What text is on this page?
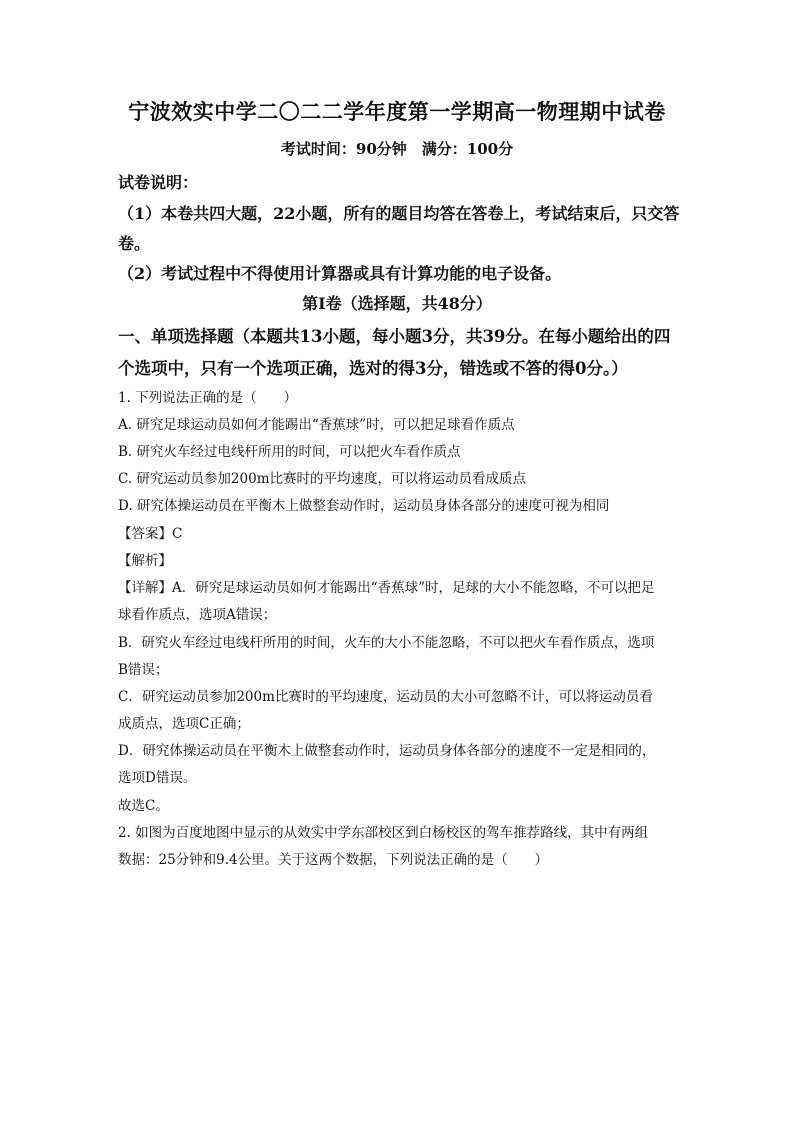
宁波效实中学二〇二二学年度第一学期高一物理期中试卷
考试时间：90分钟　满分：100分
试卷说明：
（1）本卷共四大题，22小题，所有的题目均答在答卷上，考试结束后，只交答
卷。
（2）考试过程中不得使用计算器或具有计算功能的电子设备。
第Ⅰ卷（选择题，共48分）
一、单项选择题（本题共13小题，每小题3分，共39分。在每小题给出的四
个选项中，只有一个选项正确，选对的得3分，错选或不答的得0分。）
1. 下列说法正确的是（　　）
A. 研究足球运动员如何才能踢出“香蕉球”时，可以把足球看作质点
B. 研究火车经过电线杆所用的时间，可以把火车看作质点
C. 研究运动员参加200m比赛时的平均速度，可以将运动员看成质点
D. 研究体操运动员在平衡木上做整套动作时，运动员身体各部分的速度可视为相同
【答案】C
【解析】
【详解】A．研究足球运动员如何才能踢出“香蕉球”时，足球的大小不能忽略，不可以把足
球看作质点，选项A错误；
B．研究火车经过电线杆所用的时间，火车的大小不能忽略，不可以把火车看作质点，选项
B错误；
C．研究运动员参加200m比赛时的平均速度，运动员的大小可忽略不计，可以将运动员看
成质点，选项C正确；
D．研究体操运动员在平衡木上做整套动作时，运动员身体各部分的速度不一定是相同的，
选项D错误。
故选C。
2. 如图为百度地图中显示的从效实中学东部校区到白杨校区的驾车推荐路线，其中有两组
数据：25分钟和9.4公里。关于这两个数据，下列说法正确的是（　　）
